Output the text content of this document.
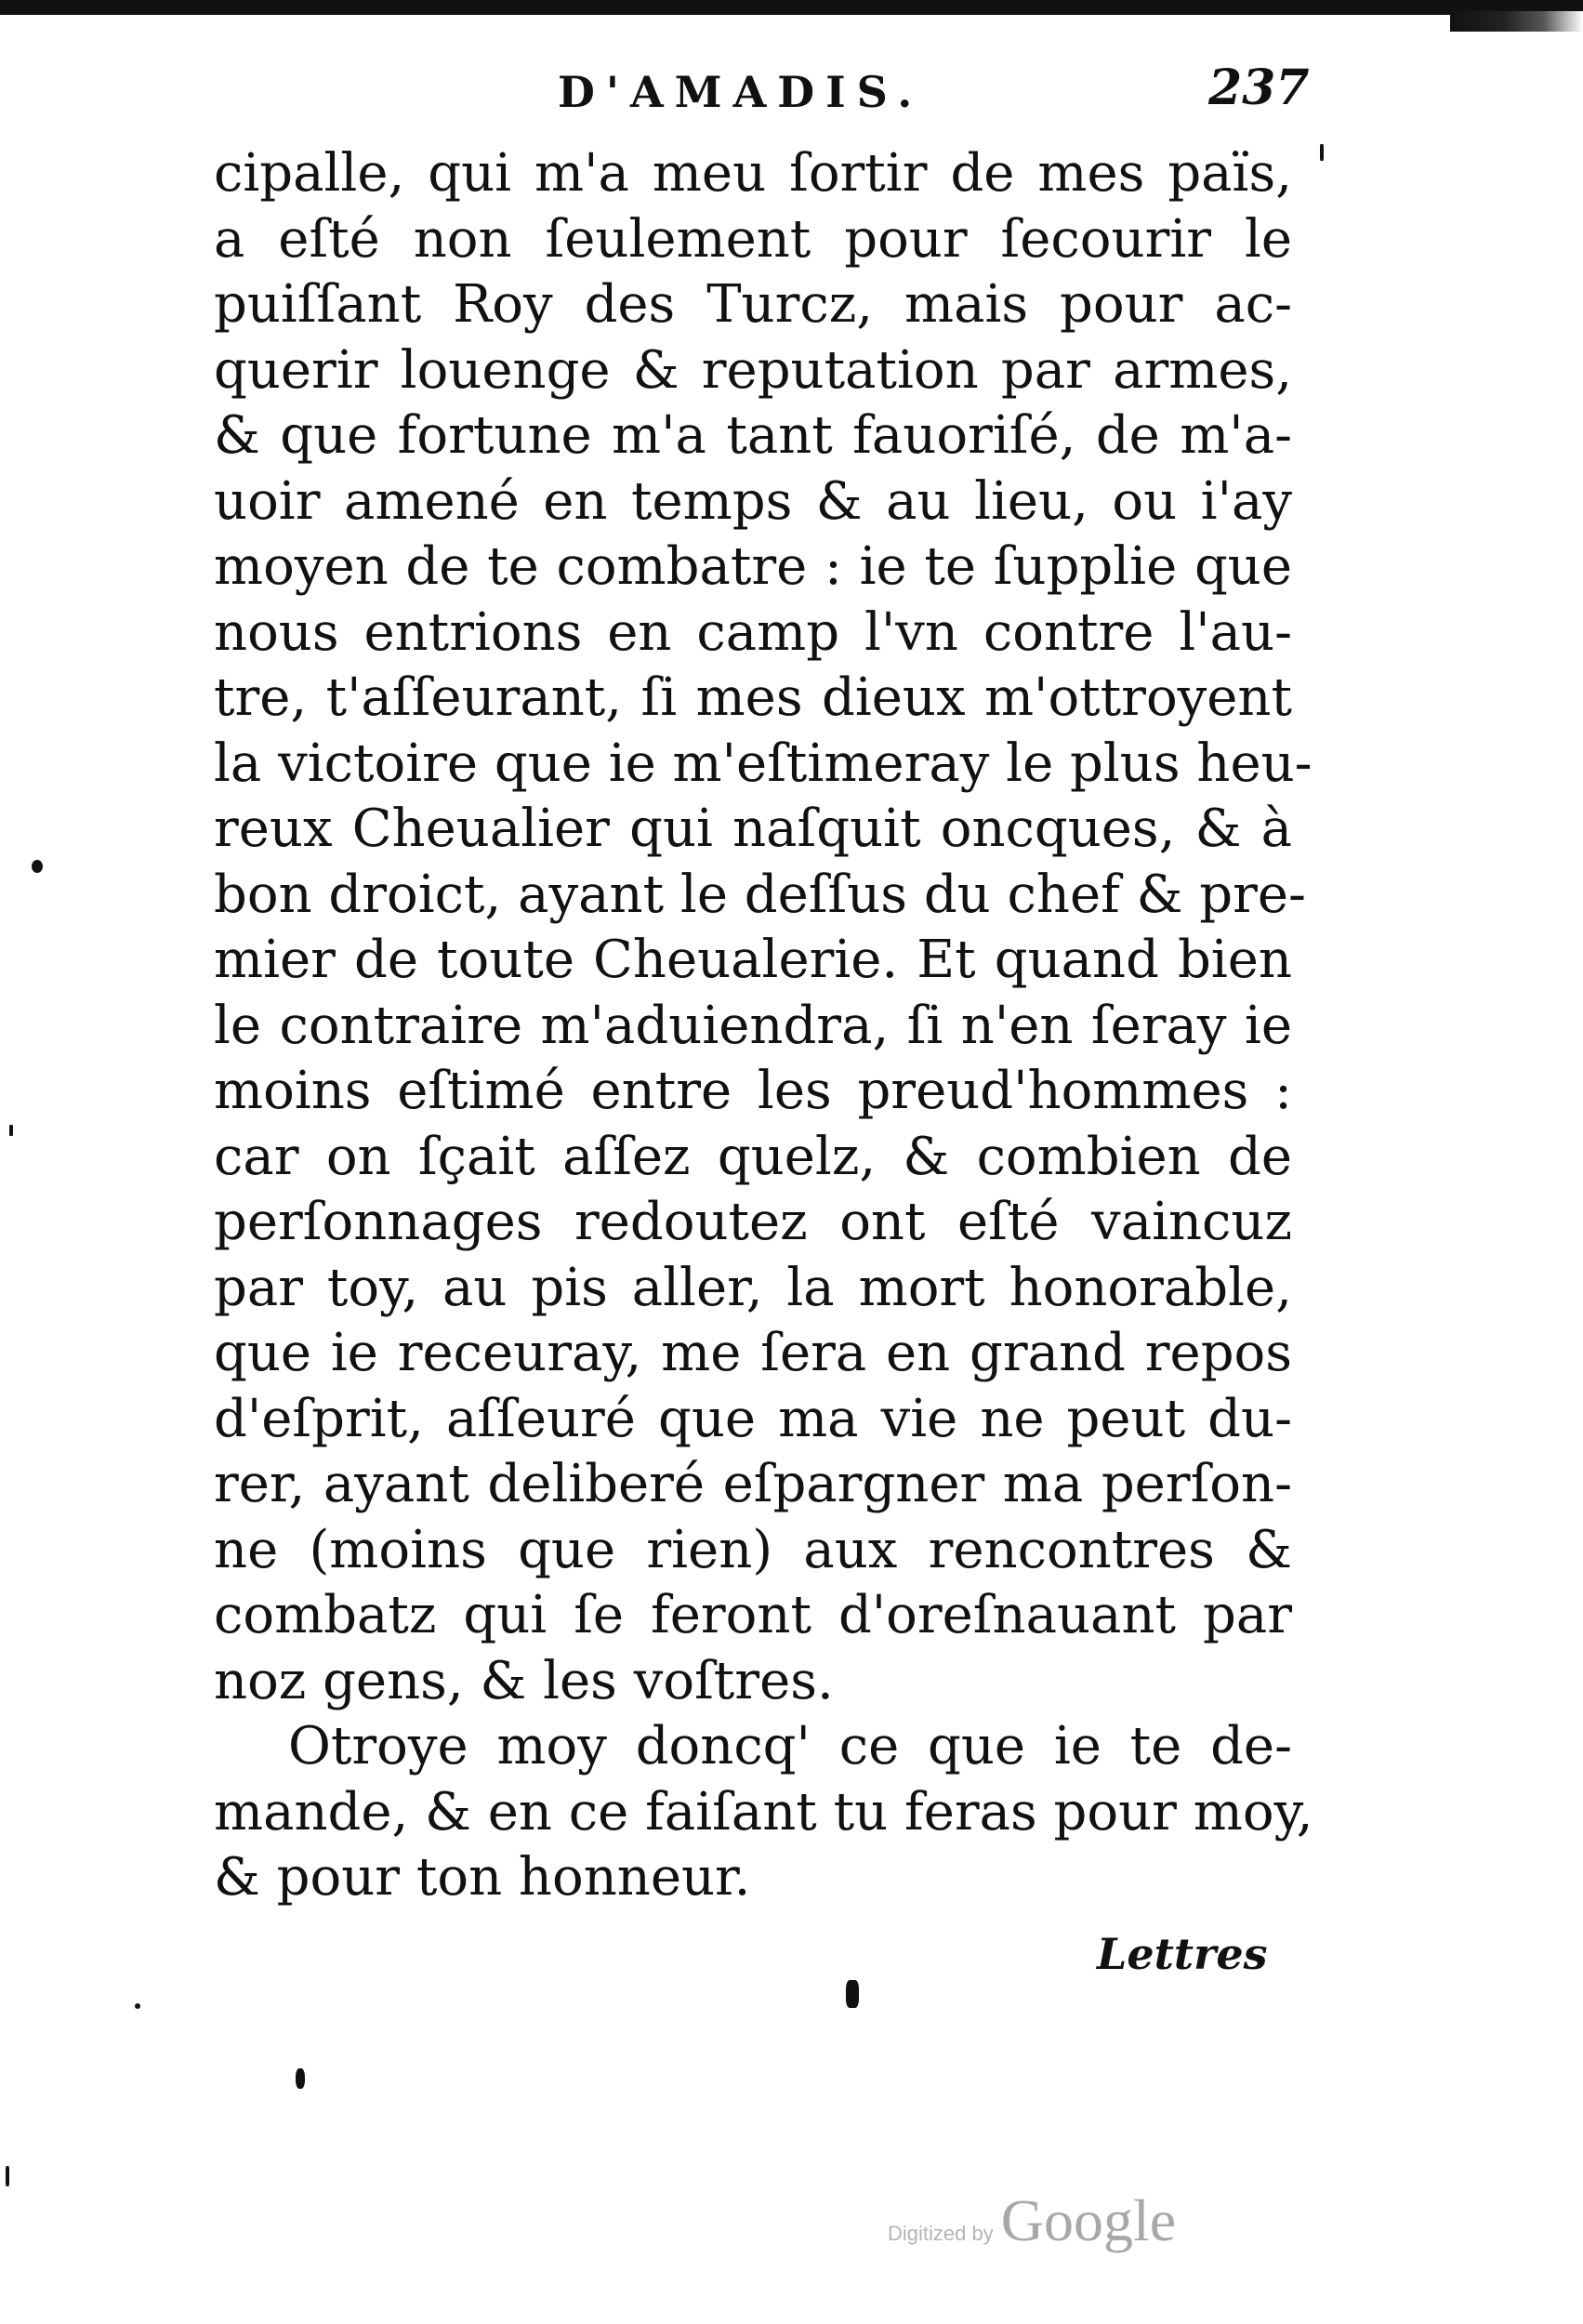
D'AMADIS.	237
cipalle, qui m'a meu ſortir de mes païs,
a eſté non ſeulement pour ſecourir le
puiſſant Roy des Turcz, mais pour ac-
querir louenge & reputation par armes,
& que fortune m'a tant fauoriſé, de m'a-
uoir amené en temps & au lieu, ou i'ay
moyen de te combatre : ie te ſupplie que
nous entrions en camp l'vn contre l'au-
tre, t'aſſeurant, ſi mes dieux m'ottroyent
la victoire que ie m'eſtimeray le plus heu-
reux Cheualier qui naſquit oncques, & à
bon droict, ayant le deſſus du chef & pre-
mier de toute Cheualerie. Et quand bien
le contraire m'aduiendra, ſi n'en ſeray ie
moins eſtimé entre les preud'hommes :
car on ſçait aſſez quelz, & combien de
perſonnages redoutez ont eſté vaincuz
par toy, au pis aller, la mort honorable,
que ie receuray, me ſera en grand repos
d'eſprit, aſſeuré que ma vie ne peut du-
rer, ayant deliberé eſpargner ma perſon-
ne (moins que rien) aux rencontres &
combatz qui ſe feront d'oreſnauant par
noz gens, & les voſtres.
Otroye moy doncq' ce que ie te de-
mande, & en ce faiſant tu feras pour moy,
& pour ton honneur.
Lettres
Digitized by Google
